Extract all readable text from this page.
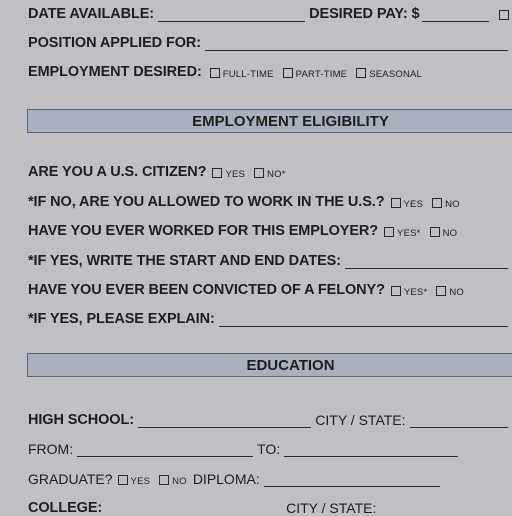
DATE AVAILABLE:	DESIRED PAY: $
POSITION APPLIED FOR:
EMPLOYMENT DESIRED: FULL-TIME PART-TIME SEASONAL
EMPLOYMENT ELIGIBILITY
ARE YOU A U.S. CITIZEN? YES NO*
*IF NO, ARE YOU ALLOWED TO WORK IN THE U.S.? YES NO
HAVE YOU EVER WORKED FOR THIS EMPLOYER? YES* NO
*IF YES, WRITE THE START AND END DATES:
HAVE YOU EVER BEEN CONVICTED OF A FELONY? YES* NO
*IF YES, PLEASE EXPLAIN:
EDUCATION
HIGH SCHOOL:	CITY / STATE:
FROM:	TO:
GRADUATE? YES NO DIPLOMA:
COLLEGE:	CITY / STATE:
